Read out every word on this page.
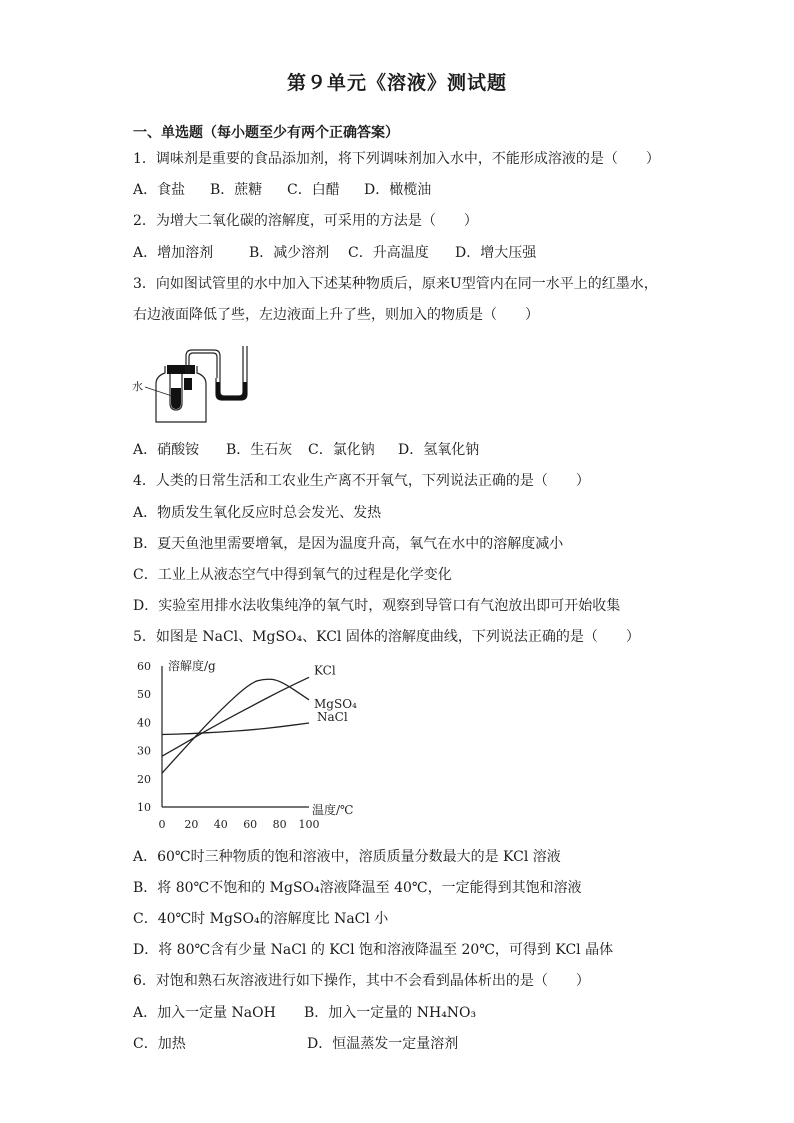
第９单元《溶液》测试题
一、单选题（每小题至少有两个正确答案）
1．调味剂是重要的食品添加剂，将下列调味剂加入水中，不能形成溶液的是（　　）
A．食盐 B．蔗糖 C．白醋 D．橄榄油
2．为增大二氧化碳的溶解度，可采用的方法是（　　）
A．增加溶剂	B．减少溶剂 C．升高温度 D．增大压强
3．向如图试管里的水中加入下述某种物质后，原来U型管内在同一水平上的红墨水，
右边液面降低了些，左边液面上升了些，则加入的物质是（　　）
水
A．硝酸铵 B．生石灰 C．氯化钠 D．氢氧化钠
4．人类的日常生活和工农业生产离不开氧气，下列说法正确的是（　　）
A．物质发生氧化反应时总会发光、发热
B．夏天鱼池里需要增氧，是因为温度升高，氧气在水中的溶解度减小
C．工业上从液态空气中得到氧气的过程是化学变化
D．实验室用排水法收集纯净的氧气时，观察到导管口有气泡放出即可开始收集
5．如图是 NaCl、MgSO₄、KCl 固体的溶解度曲线，下列说法正确的是（　　）
10
20
30
40
50
60
0 20 40 60 80 100
KCl
MgSO₄
NaCl
溶解度/g
温度/℃
A．60℃时三种物质的饱和溶液中，溶质质量分数最大的是 KCl 溶液
B．将 80℃不饱和的 MgSO₄溶液降温至 40℃，一定能得到其饱和溶液
C．40℃时 MgSO₄的溶解度比 NaCl 小
D．将 80℃含有少量 NaCl 的 KCl 饱和溶液降温至 20℃，可得到 KCl 晶体
6．对饱和熟石灰溶液进行如下操作，其中不会看到晶体析出的是（　　）
A．加入一定量 NaOH B．加入一定量的 NH₄NO₃
C．加热	D．恒温蒸发一定量溶剂
